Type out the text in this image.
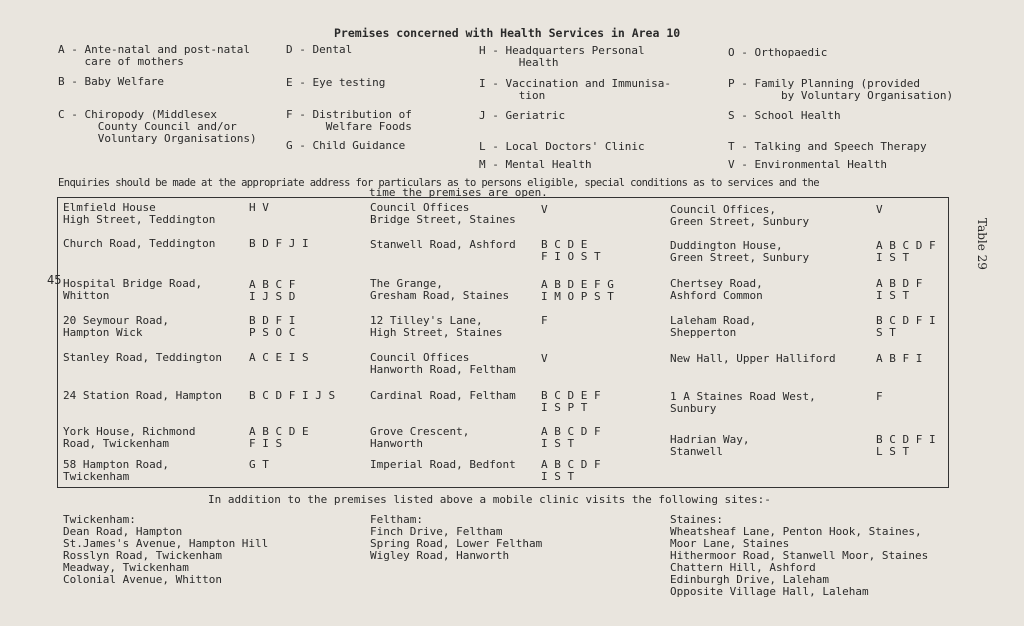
Premises concerned with Health Services in Area 10
A - Ante-natal and post-natal
care of mothers
B - Baby Welfare
C - Chiropody (Middlesex
County Council and/or
Voluntary Organisations)
D - Dental
E - Eye testing
F - Distribution of
Welfare Foods
G - Child Guidance
H - Headquarters Personal
Health
I - Vaccination and Immunisa-
tion
J - Geriatric
L - Local Doctors' Clinic
M - Mental Health
O - Orthopaedic
P - Family Planning (provided
by Voluntary Organisation)
S - School Health
T - Talking and Speech Therapy
V - Environmental Health
Enquiries should be made at the appropriate address for particulars as to persons eligible, special conditions as to services and the
time the premises are open.
Elmfield House
High Street, Teddington
H V
Church Road, Teddington	B D F J I
Hospital Bridge Road,
Whitton
A B C F
I J S D
20 Seymour Road,
Hampton Wick
B D F I
P S O C
Stanley Road, Teddington A C E I S
24 Station Road, Hampton B C D F I J S
York House, Richmond
Road, Twickenham
A B C D E
F I S
58 Hampton Road,
Twickenham
G T
Council Offices
Bridge Street, Staines
V
Stanwell Road, Ashford B C D E
F I O S T
The Grange,
Gresham Road, Staines
A B D E F G
I M O P S T
12 Tilley's Lane,
High Street, Staines
F
Council Offices
Hanworth Road, Feltham
V
Cardinal Road, Feltham B C D E F
I S P T
Grove Crescent,
Hanworth
A B C D F
I S T
Imperial Road, Bedfont A B C D F
I S T
Council Offices,
Green Street, Sunbury
V
Duddington House,
Green Street, Sunbury
A B C D F
I S T
Chertsey Road,
Ashford Common
A B D F
I S T
Laleham Road,
Shepperton
B C D F I
S T
New Hall, Upper Halliford	A B F I
1 A Staines Road West,
Sunbury
F
Hadrian Way,
Stanwell
B C D F I
L S T
45
Table 29
In addition to the premises listed above a mobile clinic visits the following sites:-
Twickenham:
Dean Road, Hampton
St.James's Avenue, Hampton Hill
Rosslyn Road, Twickenham
Meadway, Twickenham
Colonial Avenue, Whitton
Feltham:
Finch Drive, Feltham
Spring Road, Lower Feltham
Wigley Road, Hanworth
Staines:
Wheatsheaf Lane, Penton Hook, Staines,
Moor Lane, Staines
Hithermoor Road, Stanwell Moor, Staines
Chattern Hill, Ashford
Edinburgh Drive, Laleham
Opposite Village Hall, Laleham
